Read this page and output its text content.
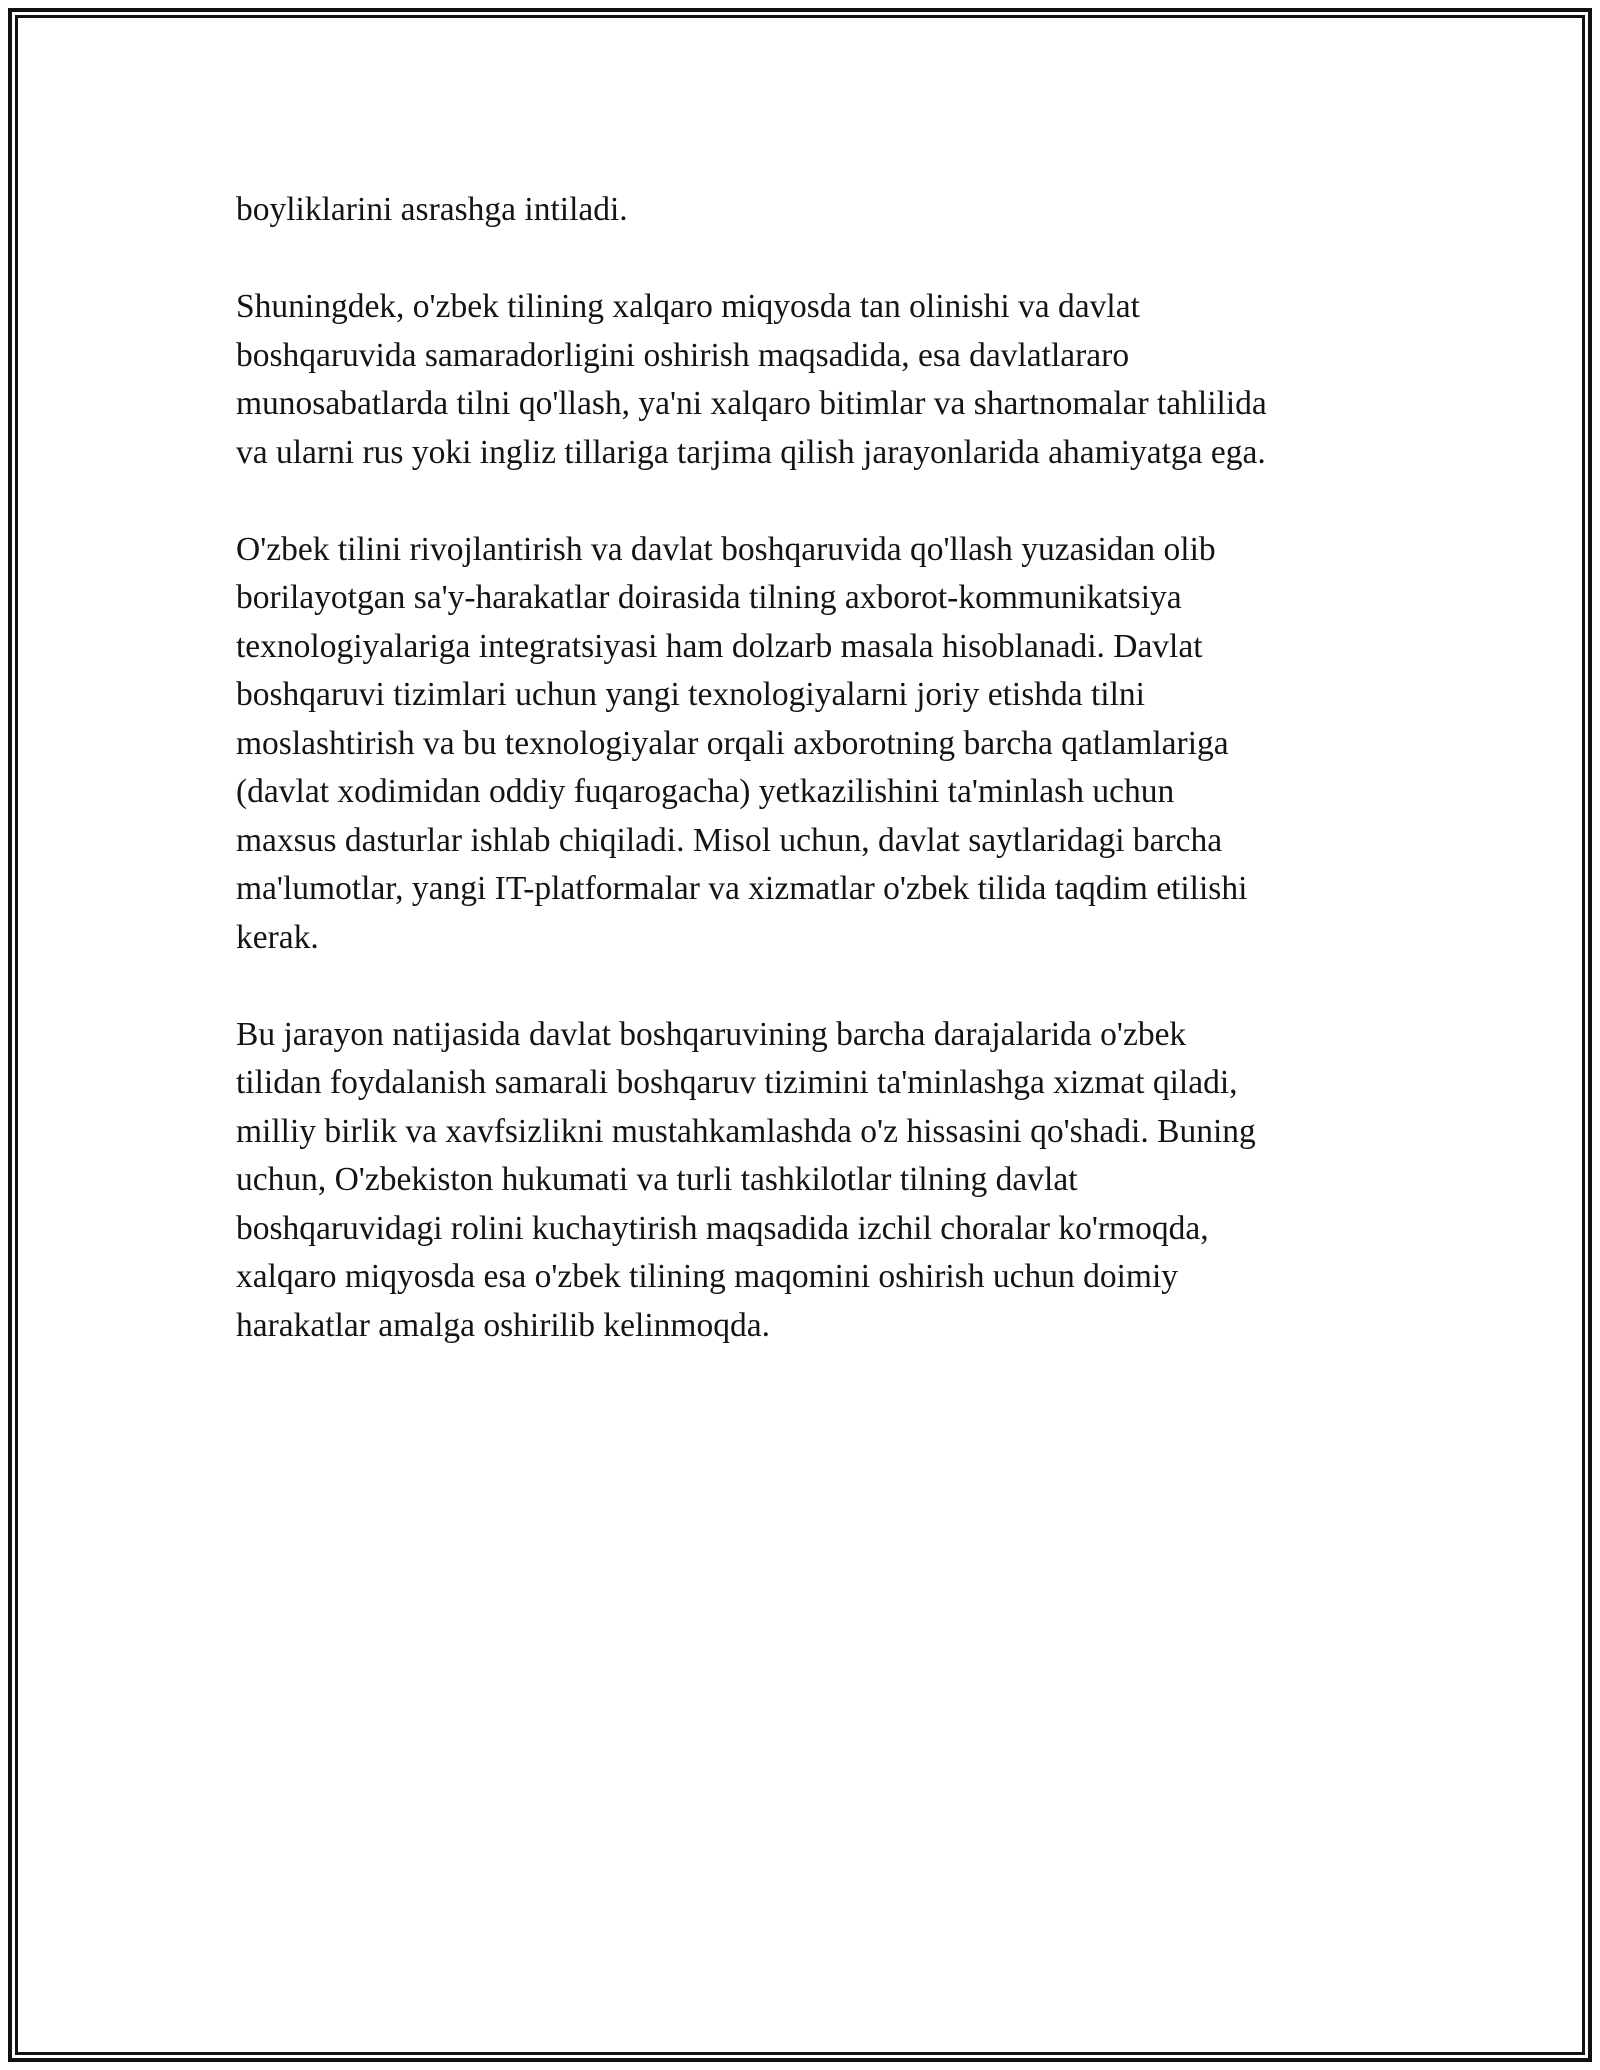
boyliklarini asrashga intiladi.

Shuningdek, o'zbek tilining xalqaro miqyosda tan olinishi va davlat
boshqaruvida samaradorligini oshirish maqsadida, esa davlatlararo
munosabatlarda tilni qo'llash, ya'ni xalqaro bitimlar va shartnomalar tahlilida
va ularni rus yoki ingliz tillariga tarjima qilish jarayonlarida ahamiyatga ega.

O'zbek tilini rivojlantirish va davlat boshqaruvida qo'llash yuzasidan olib
borilayotgan sa'y-harakatlar doirasida tilning axborot-kommunikatsiya
texnologiyalariga integratsiyasi ham dolzarb masala hisoblanadi. Davlat
boshqaruvi tizimlari uchun yangi texnologiyalarni joriy etishda tilni
moslashtirish va bu texnologiyalar orqali axborotning barcha qatlamlariga
(davlat xodimidan oddiy fuqarogacha) yetkazilishini ta'minlash uchun
maxsus dasturlar ishlab chiqiladi. Misol uchun, davlat saytlaridagi barcha
ma'lumotlar, yangi IT-platformalar va xizmatlar o'zbek tilida taqdim etilishi
kerak.

Bu jarayon natijasida davlat boshqaruvining barcha darajalarida o'zbek
tilidan foydalanish samarali boshqaruv tizimini ta'minlashga xizmat qiladi,
milliy birlik va xavfsizlikni mustahkamlashda o'z hissasini qo'shadi. Buning
uchun, O'zbekiston hukumati va turli tashkilotlar tilning davlat
boshqaruvidagi rolini kuchaytirish maqsadida izchil choralar ko'rmoqda,
xalqaro miqyosda esa o'zbek tilining maqomini oshirish uchun doimiy
harakatlar amalga oshirilib kelinmoqda.
